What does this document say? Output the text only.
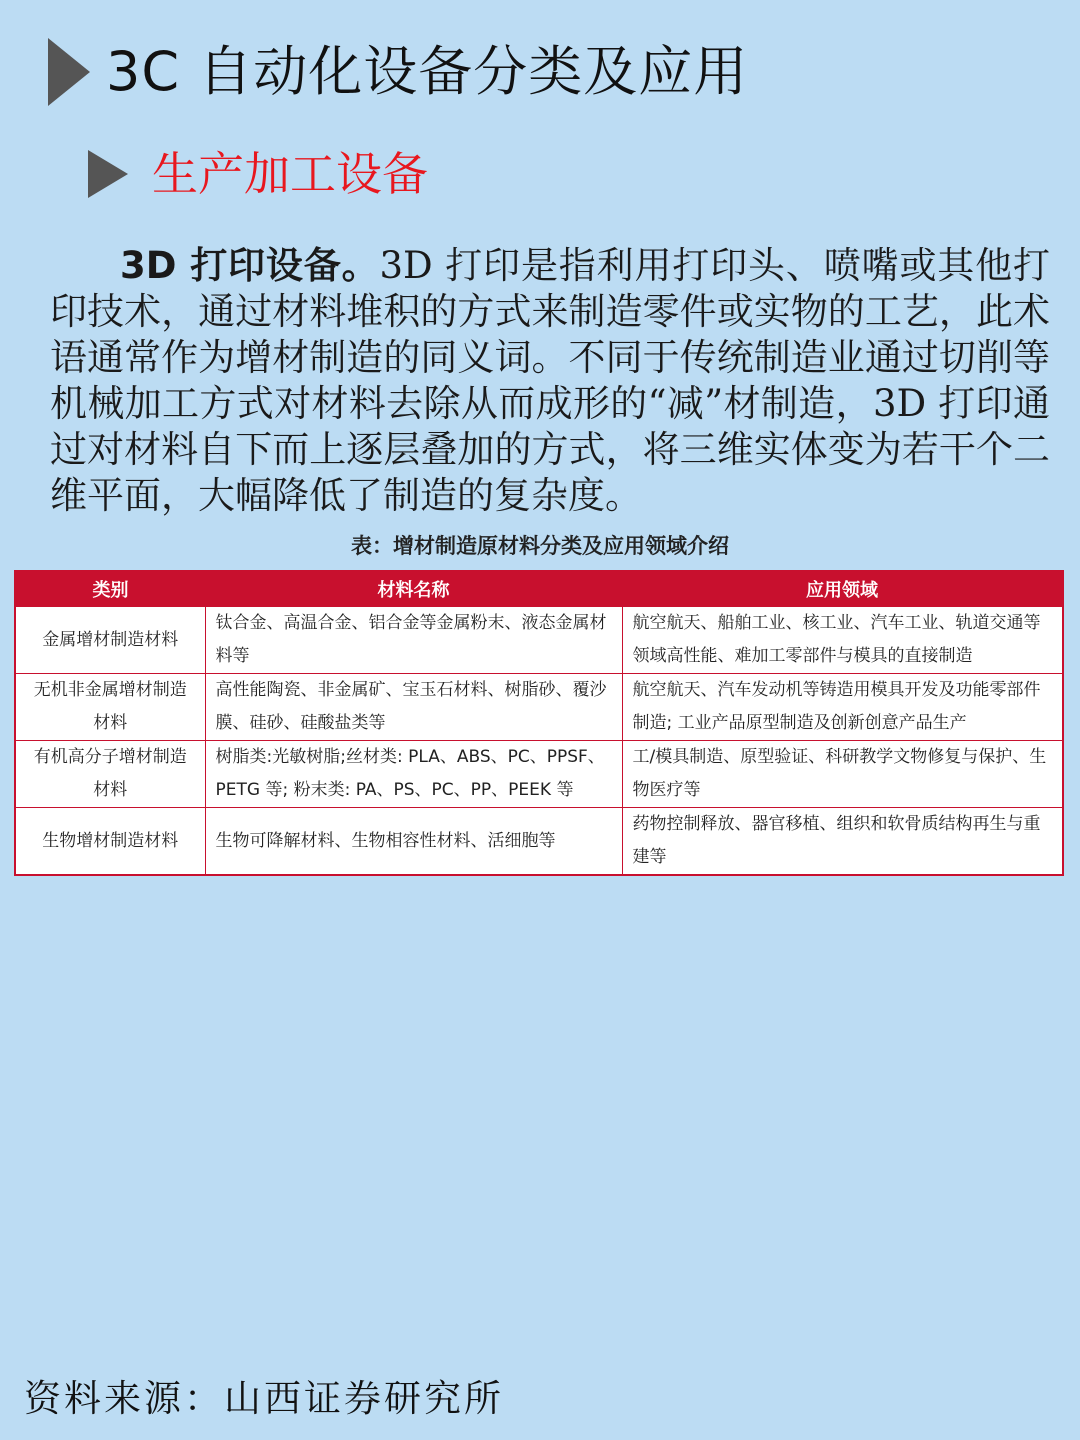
3C 自动化设备分类及应用
生产加工设备
3D 打印设备。3D 打印是指利用打印头、喷嘴或其他打印技术，通过材料堆积的方式来制造零件或实物的工艺，此术语通常作为增材制造的同义词。不同于传统制造业通过切削等机械加工方式对材料去除从而成形的“减”材制造，3D 打印通过对材料自下而上逐层叠加的方式，将三维实体变为若干个二维平面，大幅降低了制造的复杂度。
表：增材制造原材料分类及应用领域介绍
类别	材料名称	应用领域
金属增材制造材料	钛合金、高温合金、铝合金等金属粉末、液态金属材料等	航空航天、船舶工业、核工业、汽车工业、轨道交通等领域高性能、难加工零部件与模具的直接制造
无机非金属增材制造材料	高性能陶瓷、非金属矿、宝玉石材料、树脂砂、覆沙膜、硅砂、硅酸盐类等	航空航天、汽车发动机等铸造用模具开发及功能零部件制造; 工业产品原型制造及创新创意产品生产
有机高分子增材制造材料	树脂类:光敏树脂;丝材类: PLA、ABS、PC、PPSF、PETG 等; 粉末类: PA、PS、PC、PP、PEEK 等	工/模具制造、原型验证、科研教学文物修复与保护、生物医疗等
生物增材制造材料	生物可降解材料、生物相容性材料、活细胞等	药物控制释放、器官移植、组织和软骨质结构再生与重建等
资料来源：山西证券研究所
